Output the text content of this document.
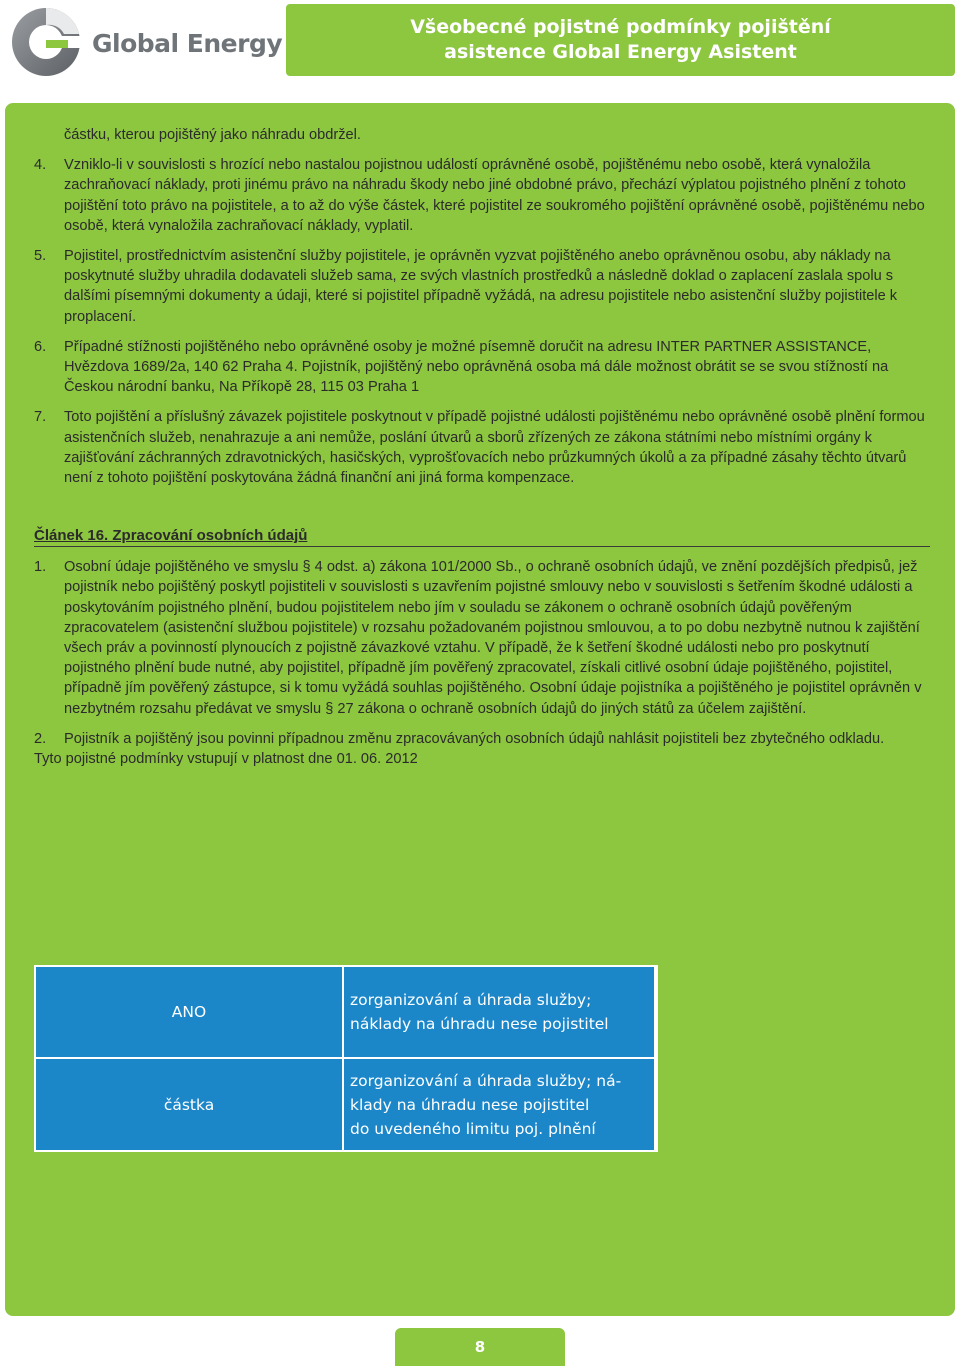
Global Energy
Všeobecné pojistné podmínky pojištění
asistence Global Energy Asistent

částku, kterou pojištěný jako náhradu obdržel.

4. Vzniklo-li v souvislosti s hrozící nebo nastalou pojistnou událostí oprávněné osobě, pojištěnému nebo osobě, která vynaložila zachraňovací náklady, proti jinému právo na náhradu škody nebo jiné obdobné právo, přechází výplatou pojistného plnění z tohoto pojištění toto právo na pojistitele, a to až do výše částek, které pojistitel ze soukromého pojištění oprávněné osobě, pojištěnému nebo osobě, která vynaložila zachraňovací náklady, vyplatil.

5. Pojistitel, prostřednictvím asistenční služby pojistitele, je oprávněn vyzvat pojištěného anebo oprávněnou osobu, aby náklady na poskytnuté služby uhradila dodavateli služeb sama, ze svých vlastních prostředků a následně doklad o zaplacení zaslala spolu s dalšími písemnými dokumenty a údaji, které si pojistitel případně vyžádá, na adresu pojistitele nebo asistenční služby pojistitele k proplacení.

6. Případné stížnosti pojištěného nebo oprávněné osoby je možné písemně doručit na adresu INTER PARTNER ASSISTANCE, Hvězdova 1689/2a, 140 62 Praha 4. Pojistník, pojištěný nebo oprávněná osoba má dále možnost obrátit se se svou stížností na Českou národní banku, Na Příkopě 28, 115 03 Praha 1

7. Toto pojištění a příslušný závazek pojistitele poskytnout v případě pojistné události pojištěnému nebo oprávněné osobě plnění formou asistenčních služeb, nenahrazuje a ani nemůže, poslání útvarů a sborů zřízených ze zákona státními nebo místními orgány k zajišťování záchranných zdravotnických, hasičských, vyprošťovacích nebo průzkumných úkolů a za případné zásahy těchto útvarů není z tohoto pojištění poskytována žádná finanční ani jiná forma kompenzace.

Článek 16. Zpracování osobních údajů

1. Osobní údaje pojištěného ve smyslu § 4 odst. a) zákona 101/2000 Sb., o ochraně osobních údajů, ve znění pozdějších předpisů, jež pojistník nebo pojištěný poskytl pojistiteli v souvislosti s uzavřením pojistné smlouvy nebo v souvislosti s šetřením škodné události a poskytováním pojistného plnění, budou pojistitelem nebo jím v souladu se zákonem o ochraně osobních údajů pověřeným zpracovatelem (asistenční službou pojistitele) v rozsahu požadovaném pojistnou smlouvou, a to po dobu nezbytně nutnou k zajištění všech práv a povinností plynoucích z pojistně závazkové vztahu. V případě, že k šetření škodné události nebo pro poskytnutí pojistného plnění bude nutné, aby pojistitel, případně jím pověřený zpracovatel, získali citlivé osobní údaje pojištěného, pojistitel, případně jím pověřený zástupce, si k tomu vyžádá souhlas pojištěného. Osobní údaje pojistníka a pojištěného je pojistitel oprávněn v nezbytném rozsahu předávat ve smyslu § 27 zákona o ochraně osobních údajů do jiných států za účelem zajištění.

2. Pojistník a pojištěný jsou povinni případnou změnu zpracovávaných osobních údajů nahlásit pojistiteli bez zbytečného odkladu.

Tyto pojistné podmínky vstupují v platnost dne 01. 06. 2012

ANO
zorganizování a úhrada služby;
náklady na úhradu nese pojistitel
částka
zorganizování a úhrada služby; ná-
klady na úhradu nese pojistitel
do uvedeného limitu poj. plnění
8
